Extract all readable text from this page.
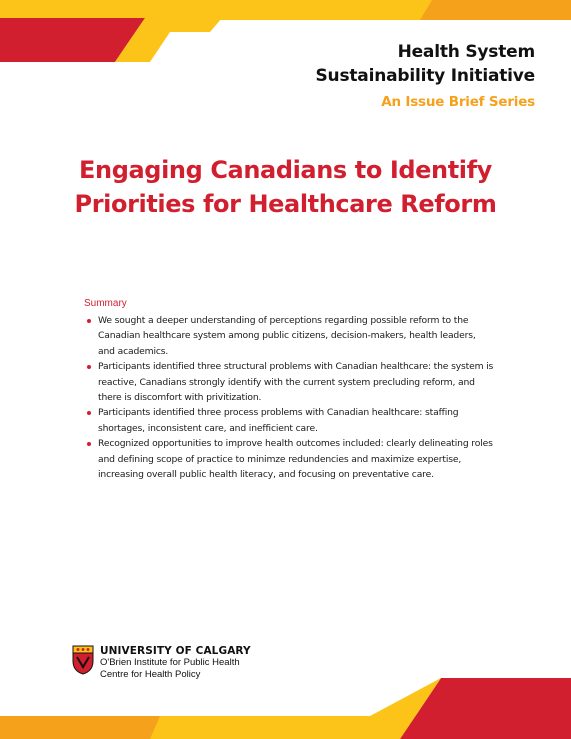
Health System
Sustainability Initiative
An Issue Brief Series
Engaging Canadians to Identify
Priorities for Healthcare Reform
Summary
We sought a deeper understanding of perceptions regarding possible reform to the Canadian healthcare system among public citizens, decision-makers, health leaders, and academics.
Participants identified three structural problems with Canadian healthcare: the system is reactive, Canadians strongly identify with the current system precluding reform, and there is discomfort with privitization.
Participants identified three process problems with Canadian healthcare: staffing shortages, inconsistent care, and inefficient care.
Recognized opportunities to improve health outcomes included: clearly delineating roles and defining scope of practice to minimze redundencies and maximize expertise, increasing overall public health literacy, and focusing on preventative care.
UNIVERSITY OF CALGARY
O'Brien Institute for Public Health
Centre for Health Policy
